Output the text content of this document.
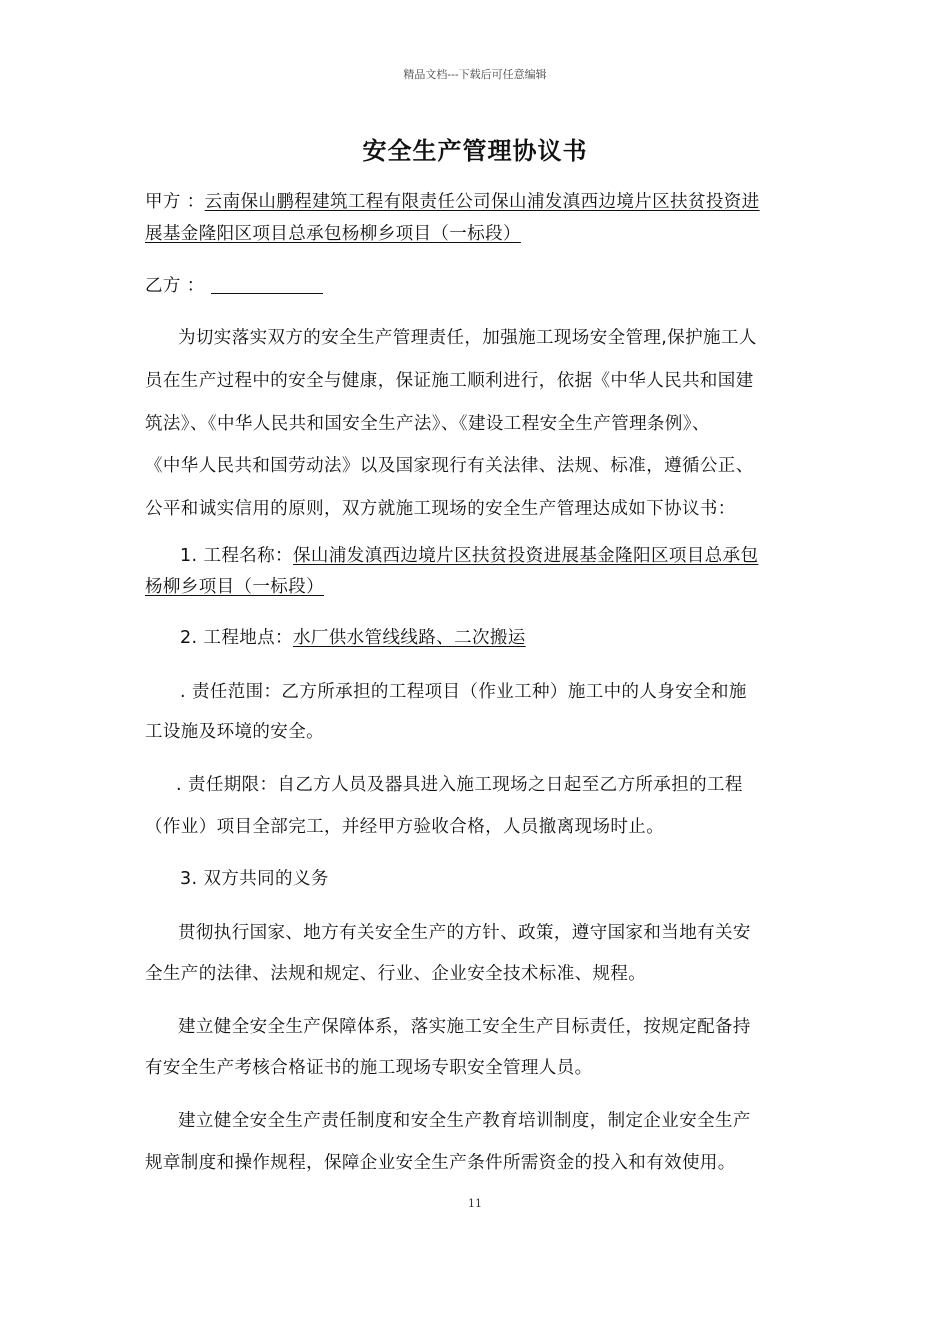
精品文档---下载后可任意编辑
安全生产管理协议书
甲方 ：云南保山鹏程建筑工程有限责任公司保山浦发滇西边境片区扶贫投资进
展基金隆阳区项目总承包杨柳乡项目（一标段）
乙方 ：
为切实落实双方的安全生产管理责任，加强施工现场安全管理,保护施工人
员在生产过程中的安全与健康，保证施工顺利进行，依据《中华人民共和国建
筑法》、《中华人民共和国安全生产法》、《建设工程安全生产管理条例》、
《中华人民共和国劳动法》以及国家现行有关法律、法规、标准，遵循公正、
公平和诚实信用的原则，双方就施工现场的安全生产管理达成如下协议书：
1. 工程名称：保山浦发滇西边境片区扶贫投资进展基金隆阳区项目总承包
杨柳乡项目（一标段）
2. 工程地点：水厂供水管线线路、二次搬运
. 责任范围：乙方所承担的工程项目（作业工种）施工中的人身安全和施
工设施及环境的安全。
. 责任期限：自乙方人员及器具进入施工现场之日起至乙方所承担的工程
（作业）项目全部完工，并经甲方验收合格，人员撤离现场时止。
3. 双方共同的义务
贯彻执行国家、地方有关安全生产的方针、政策，遵守国家和当地有关安
全生产的法律、法规和规定、行业、企业安全技术标准、规程。
建立健全安全生产保障体系，落实施工安全生产目标责任，按规定配备持
有安全生产考核合格证书的施工现场专职安全管理人员。
建立健全安全生产责任制度和安全生产教育培训制度，制定企业安全生产
规章制度和操作规程，保障企业安全生产条件所需资金的投入和有效使用。
11
